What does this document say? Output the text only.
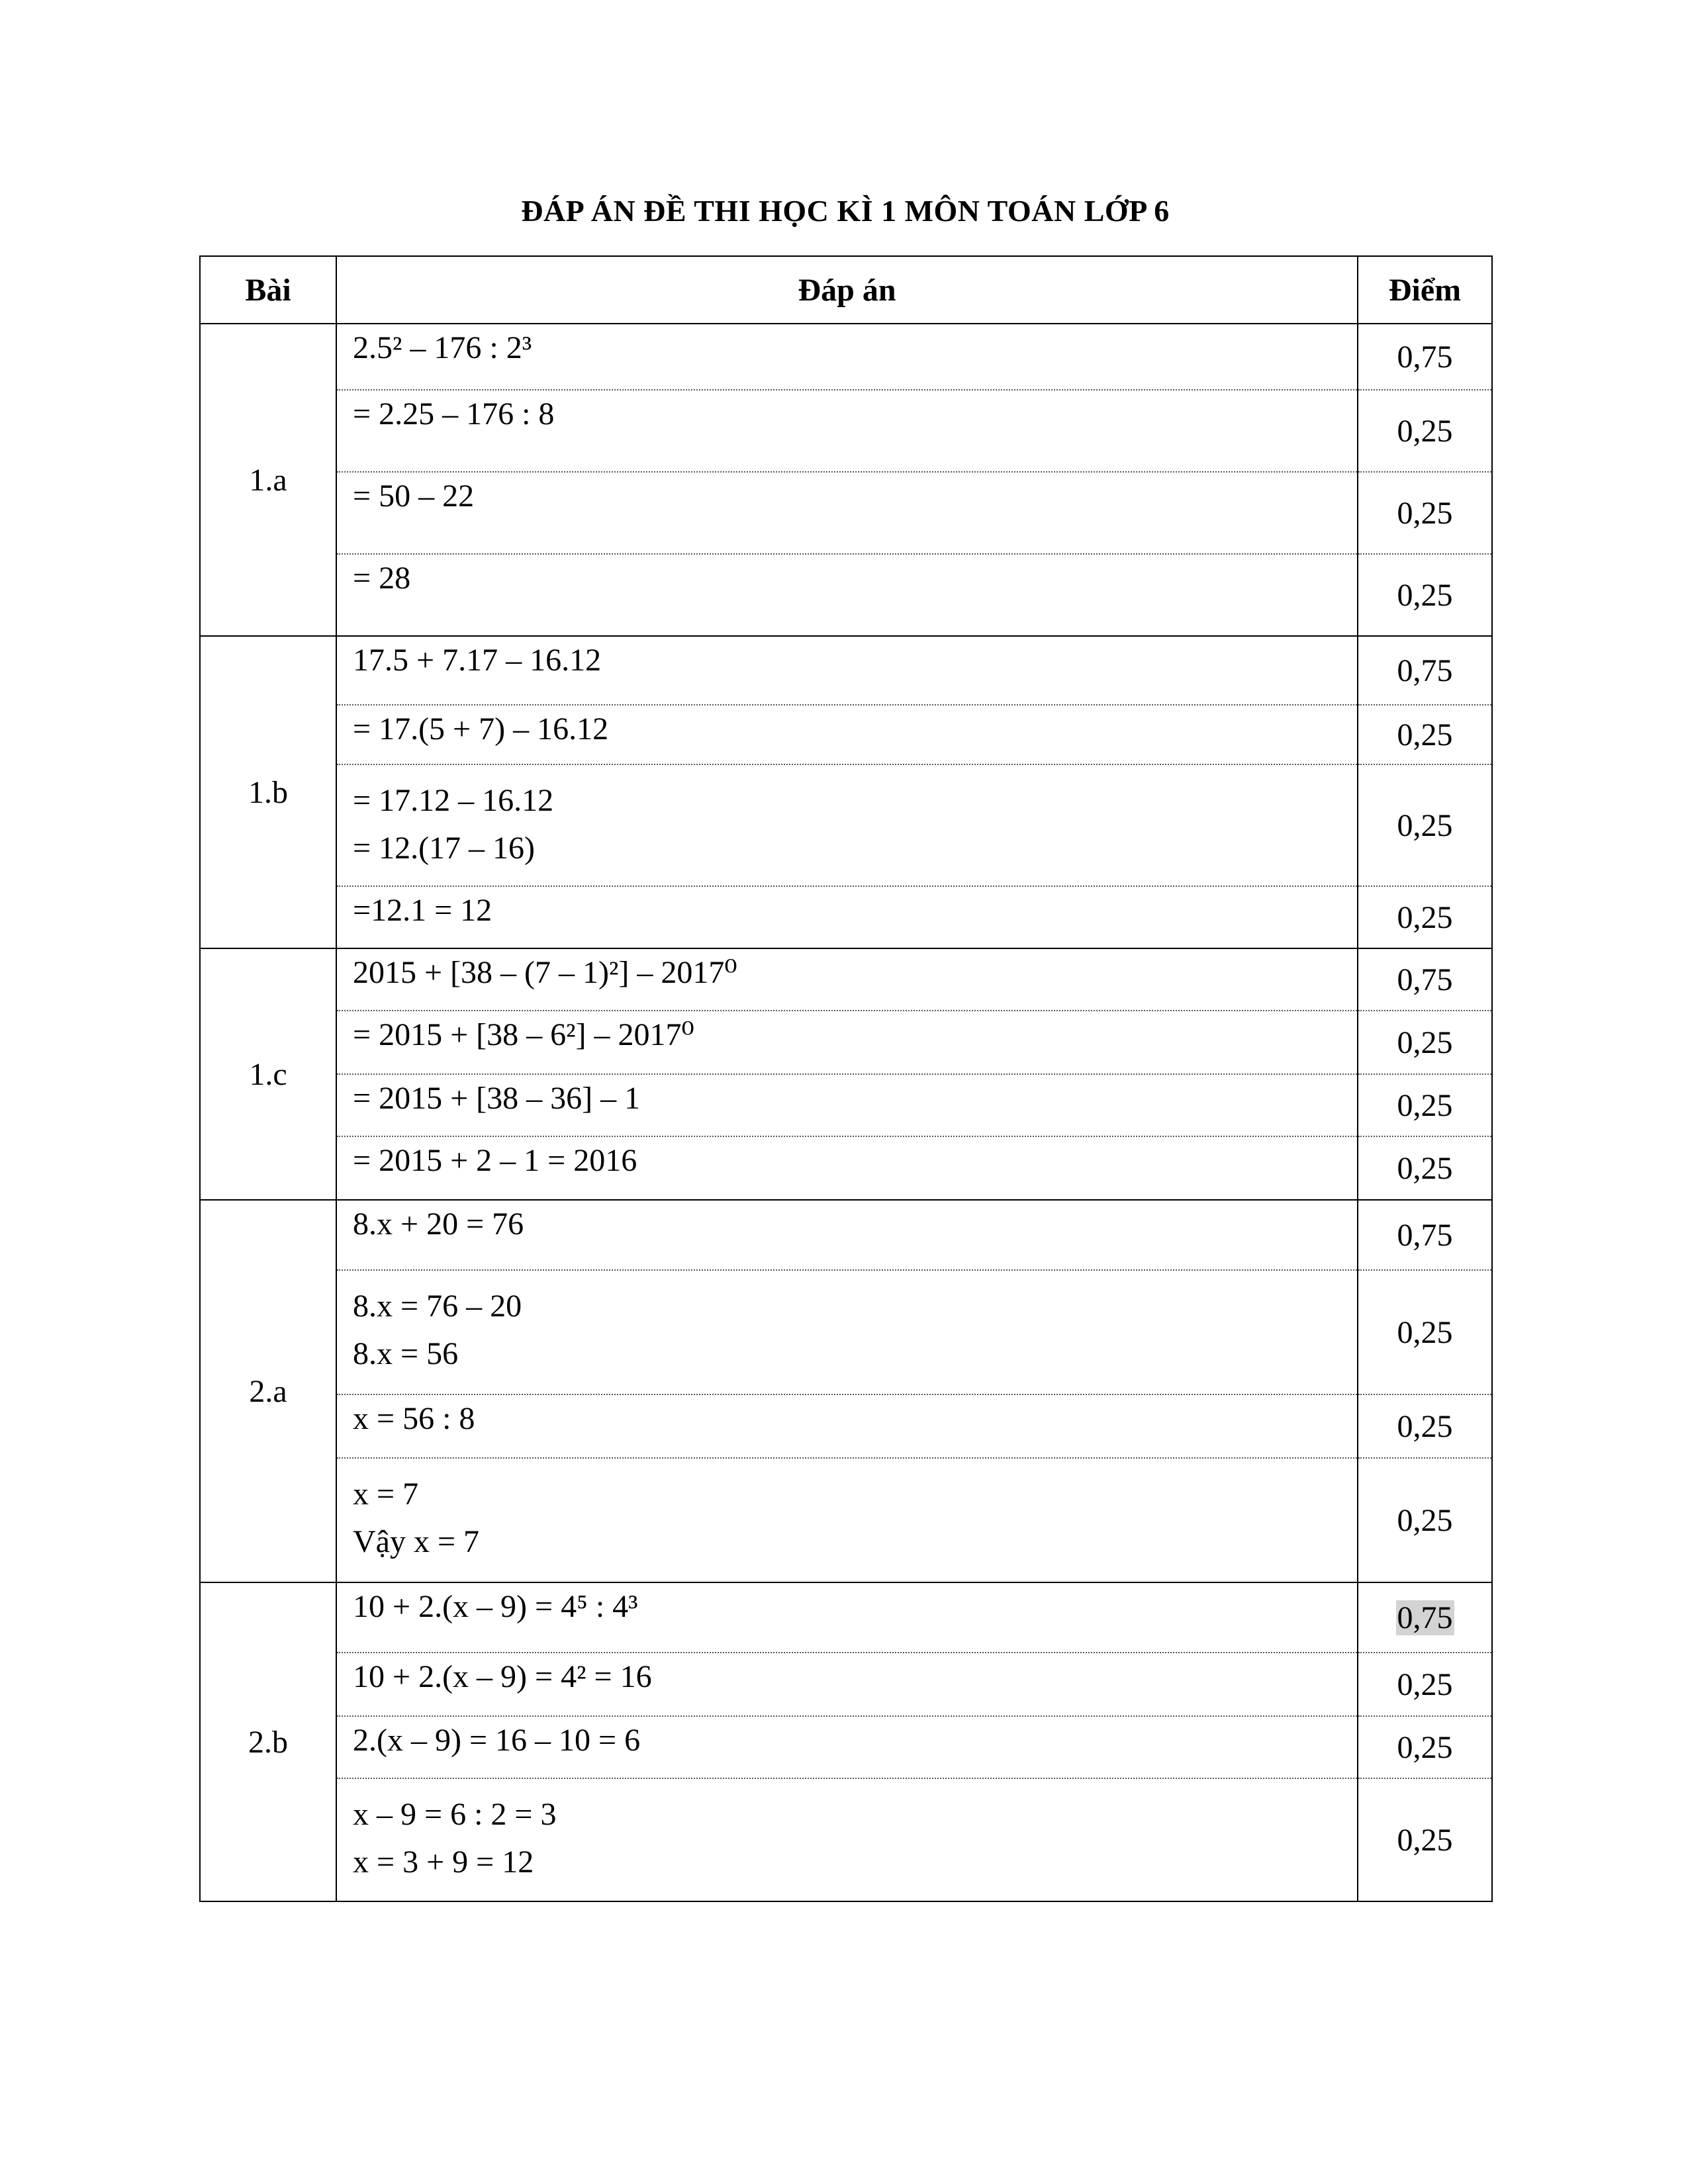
ĐÁP ÁN ĐỀ THI HỌC KÌ 1 MÔN TOÁN LỚP 6
Bài	Đáp án	Điểm
1.a	2.5² – 176 : 2³	0,75

	= 2.25 – 176 : 8	0,25

	= 50 – 22	0,25

	= 28	0,25
1.b	17.5 + 7.17 – 16.12	0,75

	= 17.(5 + 7) – 16.12	0,25

	= 17.12 – 16.12
= 12.(17 – 16)	0,25

	=12.1 = 12	0,25
1.c	2015 + [38 – (7 – 1)²] – 2017⁰	0,75

	= 2015 + [38 – 6²] – 2017⁰	0,25

	= 2015 + [38 – 36] – 1	0,25

	= 2015 + 2 – 1 = 2016	0,25
2.a	8.x + 20 = 76	0,75

	8.x = 76 – 20
8.x = 56	0,25

	x = 56 : 8	0,25

	x = 7
Vậy x = 7	0,25
2.b	10 + 2.(x – 9) = 4⁵ : 4³	0,75

	10 + 2.(x – 9) = 4² = 16	0,25

	2.(x – 9) = 16 – 10 = 6	0,25

	x – 9 = 6 : 2 = 3
x = 3 + 9 = 12	0,25
